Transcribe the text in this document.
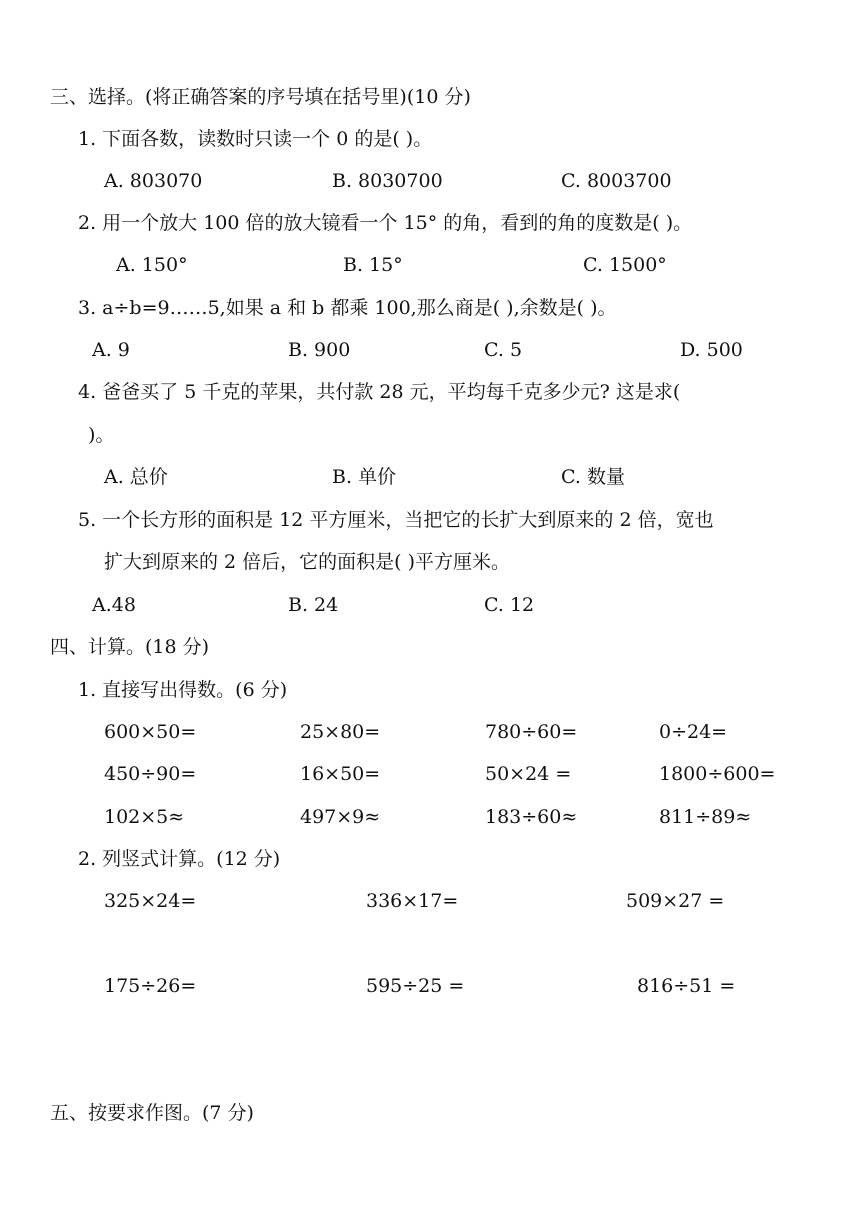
三、选择。(将正确答案的序号填在括号里)(10 分)
1. 下面各数，读数时只读一个 0 的是( )。
A. 803070	B. 8030700	C. 8003700
2. 用一个放大 100 倍的放大镜看一个 15° 的角，看到的角的度数是( )。
A. 150°	B. 15°	C. 1500°
3. a÷b=9……5,如果 a 和 b 都乘 100,那么商是( ),余数是( )。
A. 9	B. 900	C. 5	D. 500
4. 爸爸买了 5 千克的苹果，共付款 28 元，平均每千克多少元? 这是求(
)。
A. 总价	B. 单价	C. 数量
5. 一个长方形的面积是 12 平方厘米，当把它的长扩大到原来的 2 倍，宽也
扩大到原来的 2 倍后，它的面积是( )平方厘米。
A.48	B. 24	C. 12
四、计算。(18 分)
1. 直接写出得数。(6 分)
600×50=	25×80=	780÷60=	0÷24=
450÷90=	16×50=	50×24 =	1800÷600=
102×5≈	497×9≈	183÷60≈	811÷89≈
2. 列竖式计算。(12 分)
325×24=	336×17=	509×27 =
175÷26=	595÷25 =	816÷51 =
五、按要求作图。(7 分)
